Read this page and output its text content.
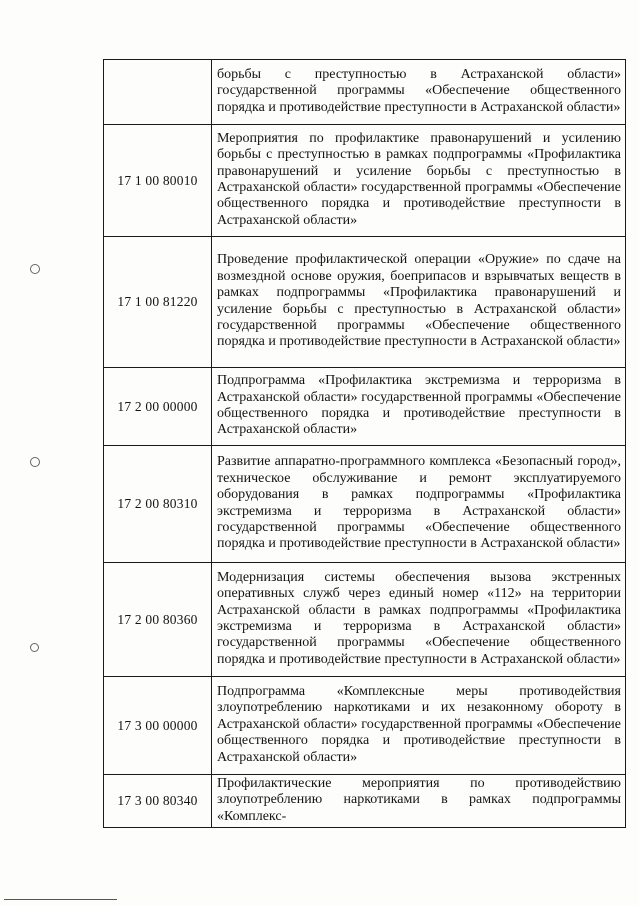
	борьбы с преступностью в Астраханской области» государственной программы «Обеспечение общественного порядка и противодействие преступности в Астраханской области»
17 1 00 80010	Мероприятия по профилактике правонарушений и усилению борьбы с преступностью в рамках подпрограммы «Профилактика правонарушений и усиление борьбы с преступностью в Астраханской области» государственной программы «Обеспечение общественного порядка и противодействие преступности в Астраханской области»
17 1 00 81220	Проведение профилактической операции «Оружие» по сдаче на возмездной основе оружия, боеприпасов и взрывчатых веществ в рамках подпрограммы «Профилактика правонарушений и усиление борьбы с преступностью в Астраханской области» государственной программы «Обеспечение общественного порядка и противодействие преступности в Астраханской области»
17 2 00 00000	Подпрограмма «Профилактика экстремизма и терроризма в Астраханской области» государственной программы «Обеспечение общественного порядка и противодействие преступности в Астраханской области»
17 2 00 80310	Развитие аппаратно-программного комплекса «Безопасный город», техническое обслуживание и ремонт эксплуатируемого оборудования в рамках подпрограммы «Профилактика экстремизма и терроризма в Астраханской области» государственной программы «Обеспечение общественного порядка и противодействие преступности в Астраханской области»
17 2 00 80360	Модернизация системы обеспечения вызова экстренных оперативных служб через единый номер «112» на территории Астраханской области в рамках подпрограммы «Профилактика экстремизма и терроризма в Астраханской области» государственной программы «Обеспечение общественного порядка и противодействие преступности в Астраханской области»
17 3 00 00000	Подпрограмма «Комплексные меры противодействия злоупотреблению наркотиками и их незаконному обороту в Астраханской области» государственной программы «Обеспечение общественного порядка и противодействие преступности в Астраханской области»
17 3 00 80340	Профилактические мероприятия по противодействию злоупотреблению наркотиками в рамках подпрограммы «Комплекс-
